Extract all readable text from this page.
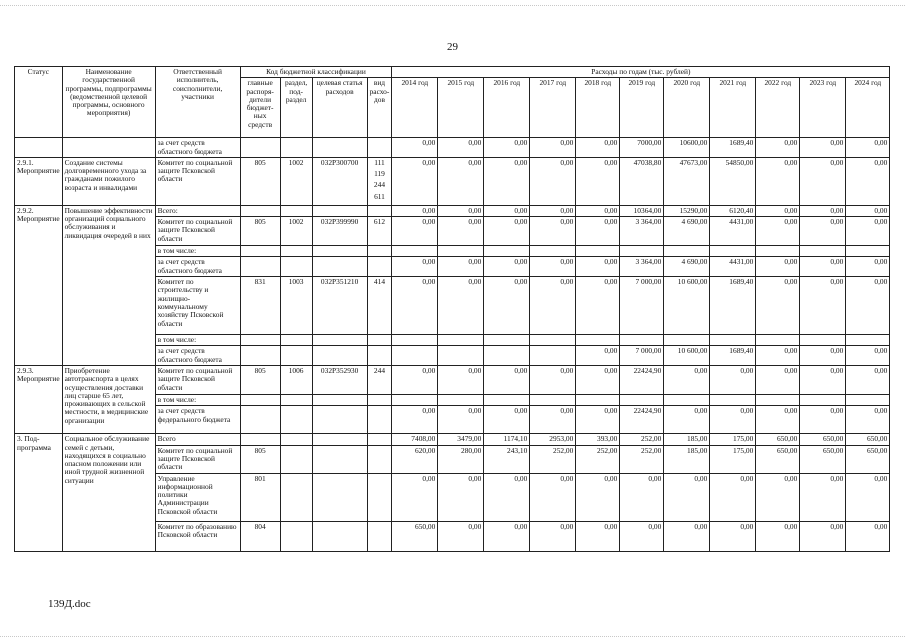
29
Статус	Наименование государственной программы, подпрограммы (ведомственной целевой программы, основного мероприятия)	Ответственный исполнитель, соисполнители, участники	Код бюджетной классификации				Расходы по годам (тыс. рублей)										
			главные распоря-дители бюджет-ных средств	раздел, под-раздел	целевая статья расходов	вид расхо-дов	2014 год	2015 год	2016 год	2017 год	2018 год	2019 год	2020 год	2021 год	2022 год	2023 год	2024 год
		за счет средств областного бюджета					0,00	0,00	0,00	0,00	0,00	7000,00	10600,00	1689,40	0,00	0,00	0,00
2.9.1. Мероприятие	Создание системы долговременного ухода за гражданами пожилого возраста и инвалидами	Комитет по социальной защите Псковской области	805	1002	032P300700	111
119
244
611	0,00	0,00	0,00	0,00	0,00	47038,80	47673,00	54850,00	0,00	0,00	0,00
2.9.2. Мероприятие	Повышение эффективности организаций социального обслуживания и ликвидация очередей в них	Всего:					0,00	0,00	0,00	0,00	0,00	10364,00	15290,00	6120,40	0,00	0,00	0,00
		Комитет по социальной защите Псковской области	805	1002	032P399990	612	0,00	0,00	0,00	0,00	0,00	3 364,00	4 690,00	4431,00	0,00	0,00	0,00
		в том числе:															
		за счет средств областного бюджета					0,00	0,00	0,00	0,00	0,00	3 364,00	4 690,00	4431,00	0,00	0,00	0,00
		Комитет по строительству и жилищно-коммунальному хозяйству Псковской области	831	1003	032P351210	414	0,00	0,00	0,00	0,00	0,00	7 000,00	10 600,00	1689,40	0,00	0,00	0,00
		в том числе:															
		за счет средств областного бюджета									0,00	7 000,00	10 600,00	1689,40	0,00	0,00	0,00
2.9.3. Мероприятие	Приобретение автотранспорта в целях осуществления доставки лиц старше 65 лет, проживающих в сельской местности, в медицинские организации	Комитет по социальной защите Псковской области	805	1006	032P352930	244	0,00	0,00	0,00	0,00	0,00	22424,90	0,00	0,00	0,00	0,00	0,00
		в том числе:															
		за счет средств федерального бюджета					0,00	0,00	0,00	0,00	0,00	22424,90	0,00	0,00	0,00	0,00	0,00
3. Под-программа	Социальное обслуживание семей с детьми, находящихся в социально опасном положении или иной трудной жизненной ситуации	Всего					7408,00	3479,00	1174,10	2953,00	393,00	252,00	185,00	175,00	650,00	650,00	650,00
		Комитет по социальной защите Псковской области	805				620,00	280,00	243,10	252,00	252,00	252,00	185,00	175,00	650,00	650,00	650,00
		Управление информационной политики Администрации Псковской области	801				0,00	0,00	0,00	0,00	0,00	0,00	0,00	0,00	0,00	0,00	0,00
		Комитет по образованию Псковской области	804				650,00	0,00	0,00	0,00	0,00	0,00	0,00	0,00	0,00	0,00	0,00
139Д.doc
